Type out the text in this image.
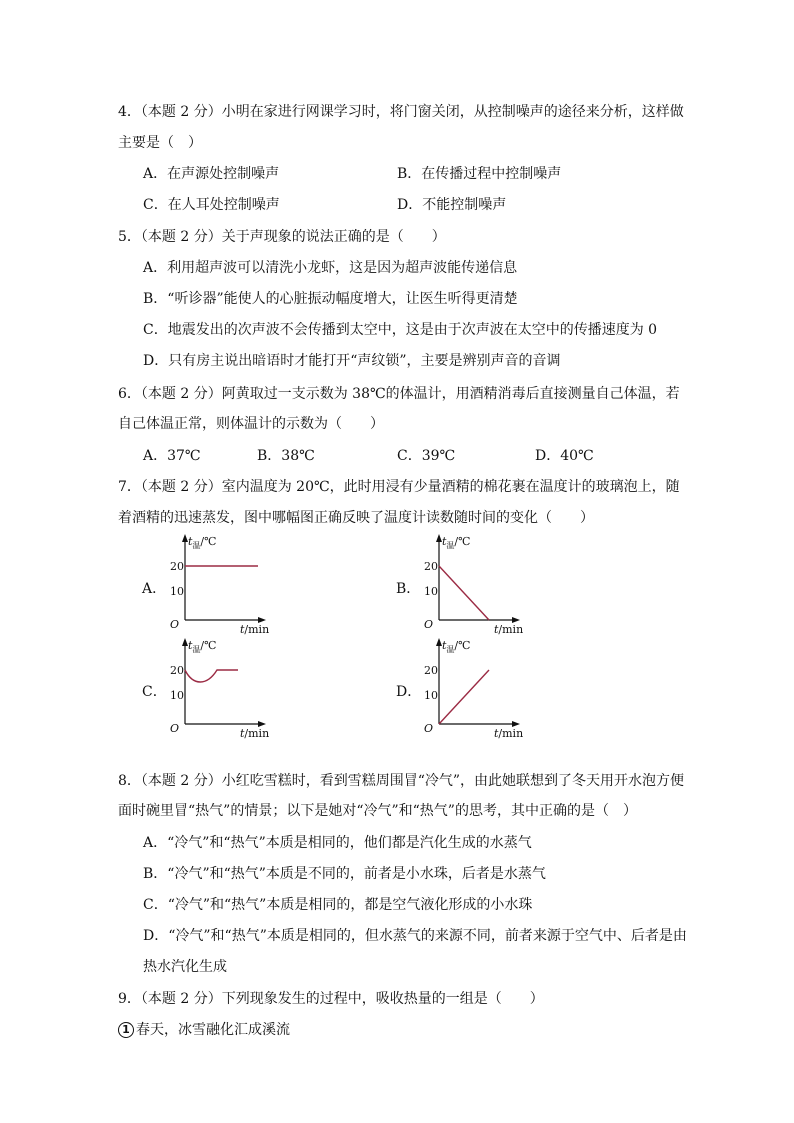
4．（本题 2 分）小明在家进行网课学习时，将门窗关闭，从控制噪声的途径来分析，这样做
主要是（　）
A．在声源处控制噪声	B．在传播过程中控制噪声
C．在人耳处控制噪声	D．不能控制噪声
5．（本题 2 分）关于声现象的说法正确的是（　　）
A．利用超声波可以清洗小龙虾，这是因为超声波能传递信息
B．“听诊器”能使人的心脏振动幅度增大，让医生听得更清楚
C．地震发出的次声波不会传播到太空中，这是由于次声波在太空中的传播速度为 0
D．只有房主说出暗语时才能打开“声纹锁”，主要是辨别声音的音调
6．（本题 2 分）阿黄取过一支示数为 38℃的体温计，用酒精消毒后直接测量自己体温，若
自己体温正常，则体温计的示数为（　　）
A．37℃	B．38℃	C．39℃	D．40℃
7．（本题 2 分）室内温度为 20℃，此时用浸有少量酒精的棉花裹在温度计的玻璃泡上，随
着酒精的迅速蒸发，图中哪幅图正确反映了温度计读数随时间的变化（　　）
A．
$t_温/℃$
20
10
O	t/min
B．
$t_温/℃$
20
10
O	t/min
C．
$t_温/℃$
20
10
O	t/min
D．
$t_温/℃$
20
10
O	t/min
8．（本题 2 分）小红吃雪糕时，看到雪糕周围冒“冷气”，由此她联想到了冬天用开水泡方便
面时碗里冒“热气”的情景；以下是她对“冷气”和“热气”的思考，其中正确的是（　）
A．“冷气”和“热气”本质是相同的，他们都是汽化生成的水蒸气
B．“冷气”和“热气”本质是不同的，前者是小水珠，后者是水蒸气
C．“冷气”和“热气”本质是相同的，都是空气液化形成的小水珠
D．“冷气”和“热气”本质是相同的，但水蒸气的来源不同，前者来源于空气中、后者是由
热水汽化生成
9．（本题 2 分）下列现象发生的过程中，吸收热量的一组是（　　）
1 春天，冰雪融化汇成溪流
